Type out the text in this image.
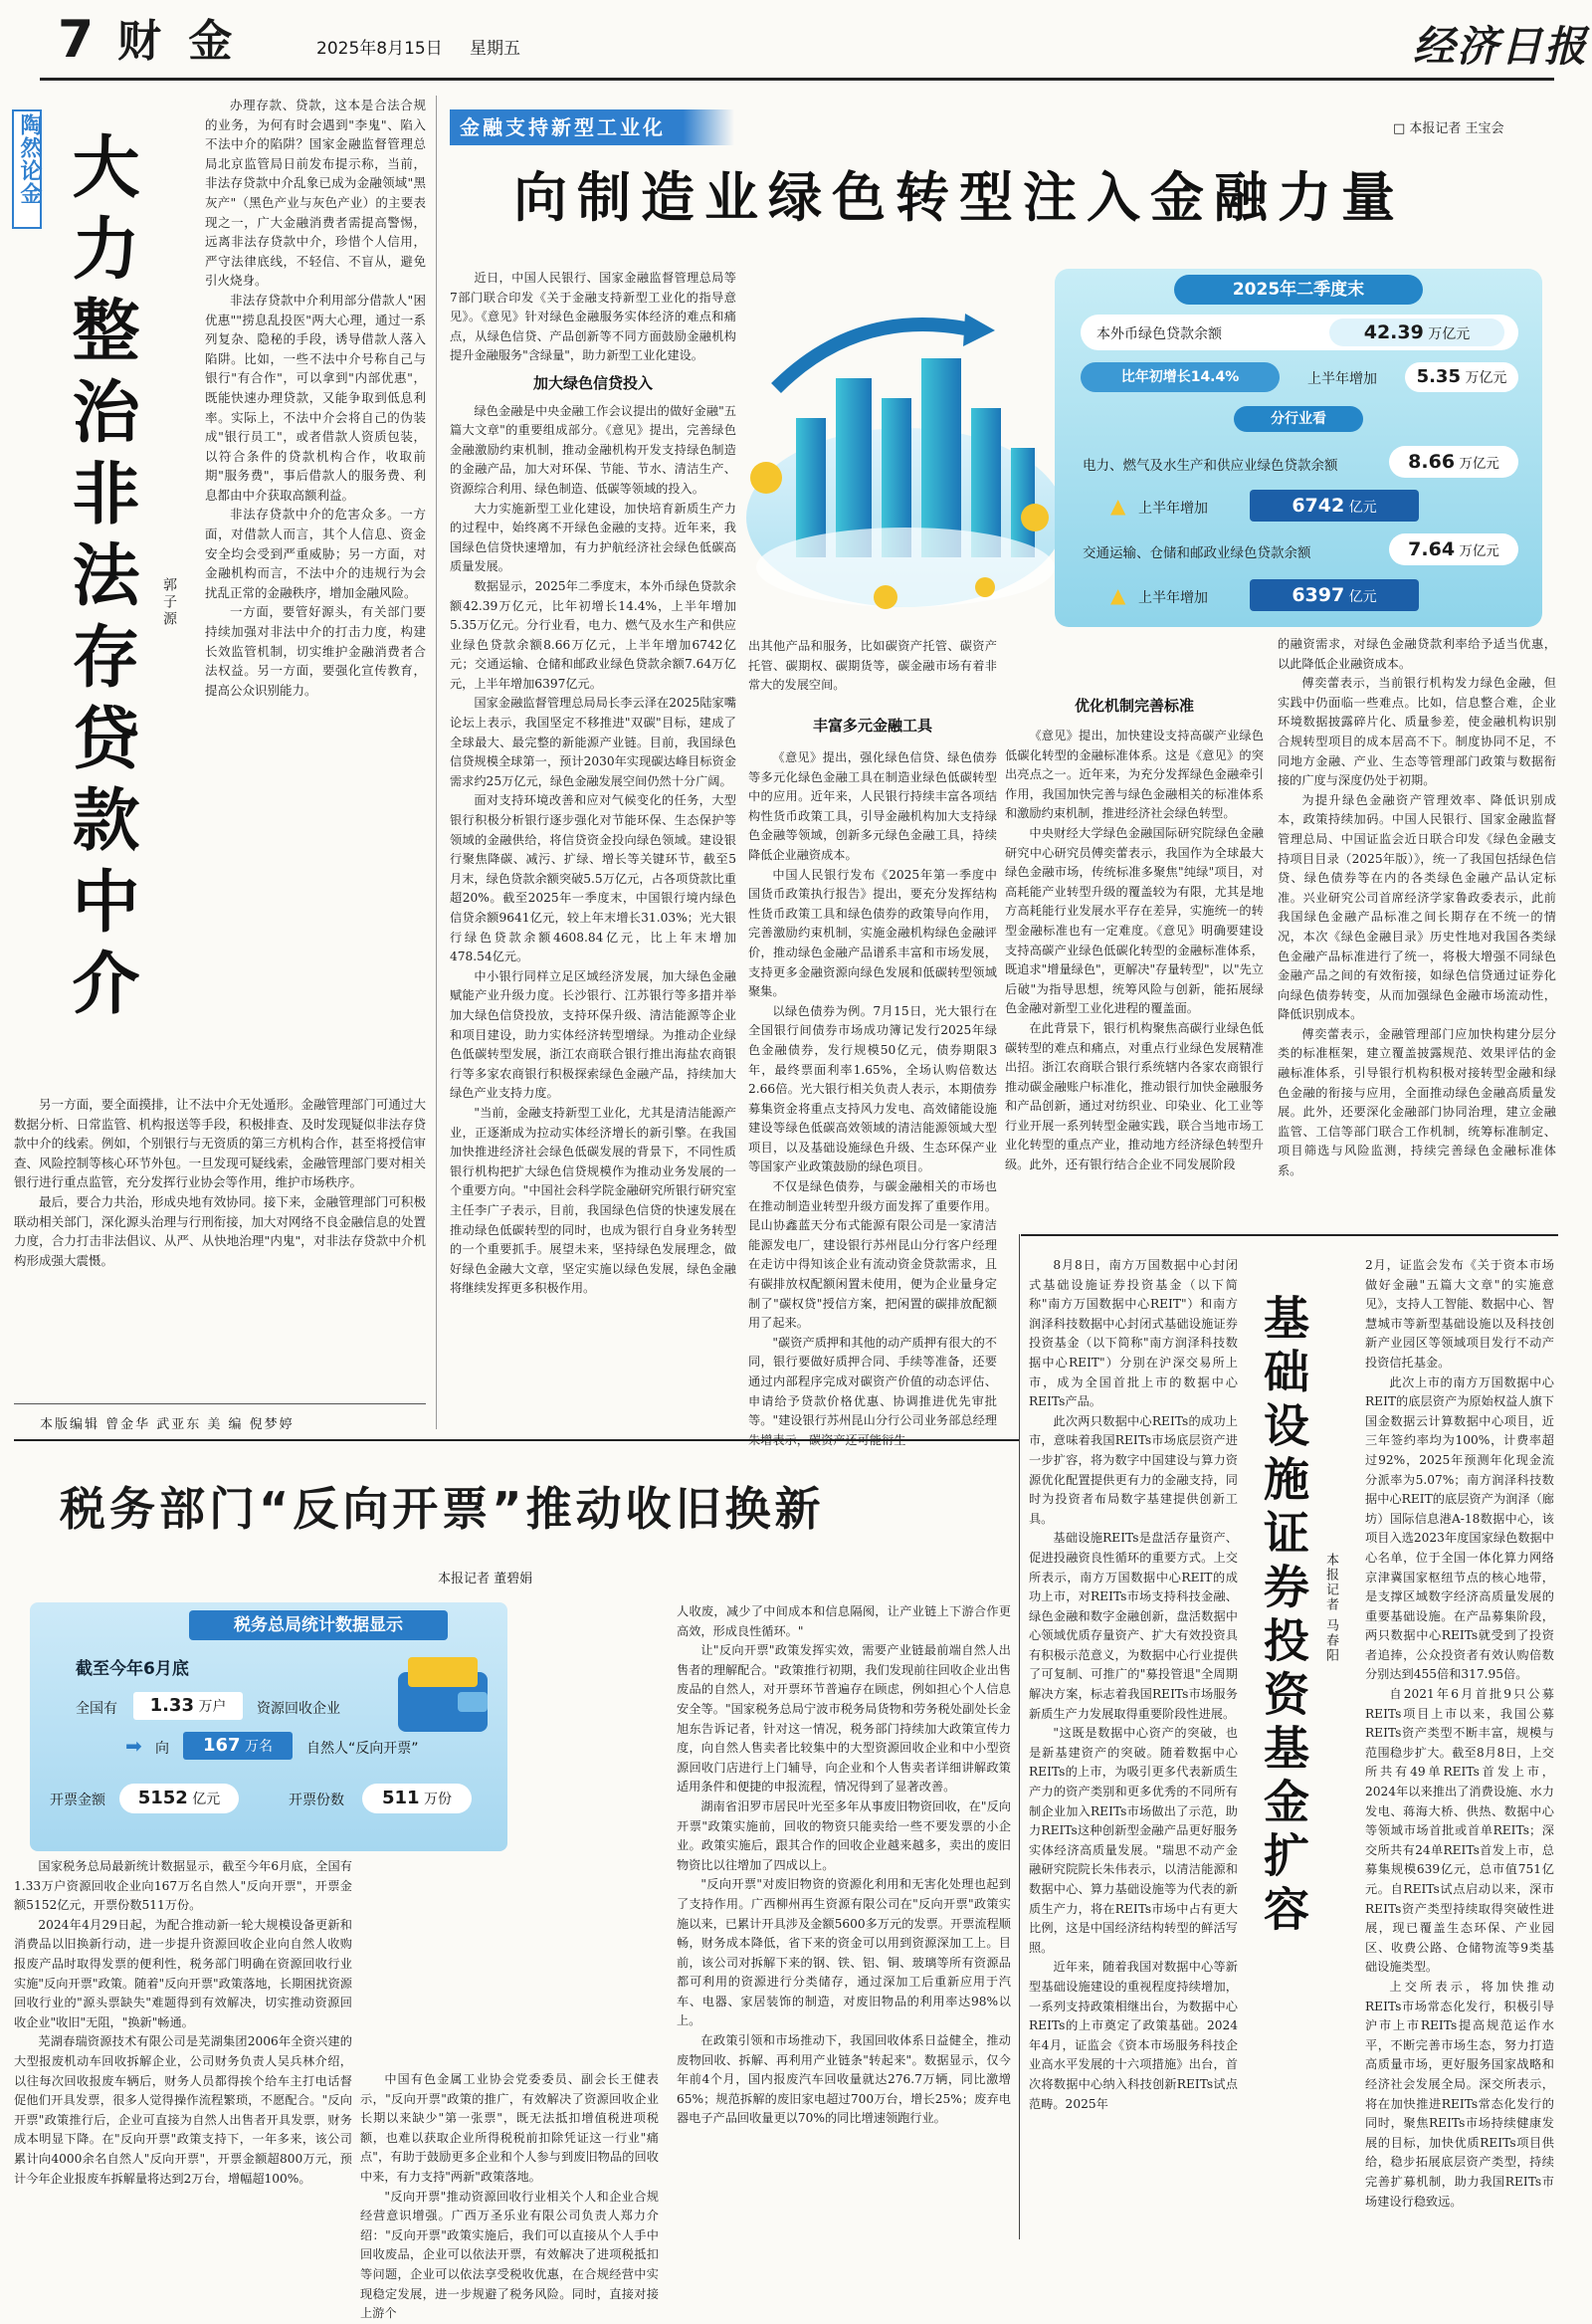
7 财 金	2025年8月15日 星期五	经济日报
陶然论金 大力整治非法存贷款中介 郭子源

办理存款、贷款，这本是合法合规的业务，为何有时会遇到"李鬼"、陷入不法中介的陷阱？国家金融监督管理总局北京监管局日前发布提示称，当前，非法存贷款中介乱象已成为金融领域"黑灰产"（黑色产业与灰色产业）的主要表现之一，广大金融消费者需提高警惕，远离非法存贷款中介，珍惜个人信用，严守法律底线，不轻信、不盲从，避免引火烧身。

非法存贷款中介利用部分借款人"困优惠""捞息乱投医"两大心理，通过一系列复杂、隐秘的手段，诱导借款人落入陷阱。比如，一些不法中介号称自己与银行"有合作"，可以拿到"内部优惠"，既能快速办理贷款，又能争取到低息利率。实际上，不法中介会将自己的伪装成"银行员工"，或者借款人资质包装，以符合条件的贷款机构合作，收取前期"服务费"，事后借款人的服务费、利息都由中介获取高额利益。

非法存贷款中介的危害众多。一方面，对借款人而言，其个人信息、资金安全均会受到严重威胁；另一方面，对金融机构而言，不法中介的违规行为会扰乱正常的金融秩序，增加金融风险。

一方面，要管好源头，有关部门要持续加强对非法中介的打击力度，构建长效监管机制，切实维护金融消费者合法权益。另一方面，要强化宣传教育，提高公众识别能力。

另一方面，要全面摸排，让不法中介无处遁形。金融管理部门可通过大数据分析、日常监管、机构报送等手段，积极排查、及时发现疑似非法存贷款中介的线索。例如，个别银行与无资质的第三方机构合作，甚至将授信审查、风险控制等核心环节外包。一旦发现可疑线索，金融管理部门要对相关银行进行重点监管，充分发挥行业协会等作用，维护市场秩序。

最后，要合力共治，形成央地有效协同。接下来，金融管理部门可积极联动相关部门，深化源头治理与行刑衔接，加大对网络不良金融信息的处置力度，合力打击非法倡议、从严、从快地治理"内鬼"，对非法存贷款中介机构形成强大震慑。

本版编辑 曾金华 武亚东 美 编 倪梦婷
金融支持新型工业化	□ 本报记者 王宝会
向制造业绿色转型注入金融力量

近日，中国人民银行、国家金融监督管理总局等7部门联合印发《关于金融支持新型工业化的指导意见》。《意见》针对绿色金融服务实体经济的难点和痛点，从绿色信贷、产品创新等不同方面鼓励金融机构提升金融服务"含绿量"，助力新型工业化建设。

加大绿色信贷投入

绿色金融是中央金融工作会议提出的做好金融"五篇大文章"的重要组成部分。《意见》提出，完善绿色金融激励约束机制，推动金融机构开发支持绿色制造的金融产品，加大对环保、节能、节水、清洁生产、资源综合利用、绿色制造、低碳等领域的投入。

大力实施新型工业化建设，加快培育新质生产力的过程中，始终离不开绿色金融的支持。近年来，我国绿色信贷快速增加，有力护航经济社会绿色低碳高质量发展。

数据显示，2025年二季度末，本外币绿色贷款余额42.39万亿元，比年初增长14.4%，上半年增加5.35万亿元。分行业看，电力、燃气及水生产和供应业绿色贷款余额8.66万亿元，上半年增加6742亿元；交通运输、仓储和邮政业绿色贷款余额7.64万亿元，上半年增加6397亿元。

国家金融监督管理总局局长李云泽在2025陆家嘴论坛上表示，我国坚定不移推进"双碳"目标，建成了全球最大、最完整的新能源产业链。目前，我国绿色信贷规模全球第一，预计2030年实现碳达峰目标资金需求约25万亿元，绿色金融发展空间仍然十分广阔。

面对支持环境改善和应对气候变化的任务，大型银行积极分析银行逐步强化对节能环保、生态保护等领域的金融供给，将信贷资金投向绿色领域。建设银行聚焦降碳、减污、扩绿、增长等关键环节，截至5月末，绿色贷款余额突破5.5万亿元，占各项贷款比重超20%。截至2025年一季度末，中国银行境内绿色信贷余额9641亿元，较上年末增长31.03%；光大银行绿色贷款余额4608.84亿元，比上年末增加478.54亿元。

中小银行同样立足区域经济发展，加大绿色金融赋能产业升级力度。长沙银行、江苏银行等多措并举加大绿色信贷投放，支持环保升级、清洁能源等企业和项目建设，助力实体经济转型增绿。为推动企业绿色低碳转型发展，浙江农商联合银行推出海盐农商银行等多家农商银行积极探索绿色金融产品，持续加大绿色产业支持力度。

"当前，金融支持新型工业化，尤其是清洁能源产业，正逐渐成为拉动实体经济增长的新引擎。在我国加快推进经济社会绿色低碳发展的背景下，不同性质银行机构把扩大绿色信贷规模作为推动业务发展的一个重要方向。"中国社会科学院金融研究所银行研究室主任李广子表示，目前，我国绿色信贷的快速发展在推动绿色低碳转型的同时，也成为银行自身业务转型的一个重要抓手。展望未来，坚持绿色发展理念，做好绿色金融大文章，坚定实施以绿色发展，绿色金融将继续发挥更多积极作用。

2025年二季度末
本外币绿色贷款余额	42.39 万亿元
比年初增长14.4%	上半年增加	5.35 万亿元
分行业看
电力、燃气及水生产和供应业绿色贷款余额	8.66 万亿元
▲ 上半年增加	6742 亿元
交通运输、仓储和邮政业绿色贷款余额	7.64 万亿元
▲ 上半年增加	6397 亿元

出其他产品和服务，比如碳资产托管、碳资产托管、碳期权、碳期货等，碳金融市场有着非常大的发展空间。

丰富多元金融工具

《意见》提出，强化绿色信贷、绿色债券等多元化绿色金融工具在制造业绿色低碳转型中的应用。近年来，人民银行持续丰富各项结构性货币政策工具，引导金融机构加大支持绿色金融等领域，创新多元绿色金融工具，持续降低企业融资成本。

中国人民银行发布《2025年第一季度中国货币政策执行报告》提出，要充分发挥结构性货币政策工具和绿色债券的政策导向作用，完善激励约束机制，实施金融机构绿色金融评价，推动绿色金融产品谱系丰富和市场发展，支持更多金融资源向绿色发展和低碳转型领域聚集。

以绿色债券为例。7月15日，光大银行在全国银行间债券市场成功簿记发行2025年绿色金融债券，发行规模50亿元，债券期限3年，最终票面利率1.65%，全场认购倍数达2.66倍。光大银行相关负责人表示，本期债券募集资金将重点支持风力发电、高效储能设施建设等绿色低碳高效领域的清洁能源领域大型项目，以及基础设施绿色升级、生态环保产业等国家产业政策鼓励的绿色项目。

不仅是绿色债券，与碳金融相关的市场也在推动制造业转型升级方面发挥了重要作用。昆山协鑫蓝天分布式能源有限公司是一家清洁能源发电厂，建设银行苏州昆山分行客户经理在走访中得知该企业有流动资金贷款需求，且有碳排放权配额闲置未使用，便为企业量身定制了"碳权贷"授信方案，把闲置的碳排放配额用了起来。

"碳资产质押和其他的动产质押有很大的不同，银行要做好质押合同、手续等准备，还要通过内部程序完成对碳资产价值的动态评估、申请给予贷款价格优惠、协调推进优先审批等。"建设银行苏州昆山分行公司业务部总经理

优化机制完善标准

《意见》提出，加快建设支持高碳产业绿色低碳化转型的金融标准体系。这是《意见》的突出亮点之一。近年来，为充分发挥绿色金融牵引作用，我国加快完善与绿色金融相关的标准体系和激励约束机制，推进经济社会绿色转型。

中央财经大学绿色金融国际研究院绿色金融研究中心研究员傅奕蕾表示，我国作为全球最大绿色金融市场，传统标准多聚焦"纯绿"项目，对高耗能产业转型升级的覆盖较为有限，尤其是地方高耗能行业发展水平存在差异，实施统一的转型金融标准也有一定难度。《意见》明确要建设支持高碳产业绿色低碳化转型的金融标准体系，既追求"增量绿色"，更解决"存量转型"，以"先立后破"为指导思想，统筹风险与创新，能拓展绿色金融对新型工业化进程的覆盖面。

在此背景下，银行机构聚焦高碳行业绿色低碳转型的难点和痛点，对重点行业绿色发展精准出招。浙江农商联合银行系统辖内各家农商银行推动碳金融账户标准化，推动银行加快金融服务和产品创新，通过对纺织业、印染业、化工业等行业开展一系列转型金融实践，联合当地市场工业化转型的重点产业，推动地方经济绿色转型升级。此外，还有银行结合企业不同发展阶段

的融资需求，对绿色金融贷款利率给予适当优惠，以此降低企业融资成本。

傅奕蕾表示，当前银行机构发力绿色金融，但实践中仍面临一些难点。比如，信息整合难，企业环境数据披露碎片化、质量参差，使金融机构识别合规转型项目的成本居高不下。制度协同不足，不同地方金融、产业、生态等管理部门政策与数据衔接的广度与深度仍处于初期。

为提升绿色金融资产管理效率、降低识别成本，政策持续加码。中国人民银行、国家金融监督管理总局、中国证监会近日联合印发《绿色金融支持项目目录（2025年版）》，统一了我国包括绿色信贷、绿色债券等在内的各类绿色金融产品认定标准。兴业研究公司首席经济学家鲁政委表示，此前我国绿色金融产品标准之间长期存在不统一的情况，本次《绿色金融目录》历史性地对我国各类绿色金融产品标准进行了统一，将极大增强不同绿色金融产品之间的有效衔接，如绿色信贷通过证券化向绿色债券转变，从而加强绿色金融市场流动性，降低识别成本。

傅奕蕾表示，金融管理部门应加快构建分层分类的标准框架，建立覆盖披露规范、效果评估的金融标准体系，引导银行机构积极对接转型金融和绿色金融的衔接与应用，全面推动绿色金融高质量发展。此外，还要深化金融部门协同治理，建立金融监管、工信等部门联合工作机制，统筹标准制定、项目筛选与风险监测，持续完善绿色金融标准体系。

税务部门“反向开票”推动收旧换新
本报记者 董碧娟
税务总局统计数据显示
截至今年6月底
全国有	1.33 万户	资源回收企业
➡ 向	167 万名	自然人“反向开票”
开票金额	5152 亿元	开票份数	511 万份

国家税务总局最新统计数据显示，截至今年6月底，全国有1.33万户资源回收企业向167万名自然人"反向开票"，开票金额5152亿元，开票份数511万份。

2024年4月29日起，为配合推动新一轮大规模设备更新和消费品以旧换新行动，进一步提升资源回收企业向自然人收购报废产品时取得发票的便利性，税务部门明确在资源回收行业实施"反向开票"政策。随着"反向开票"政策落地，长期困扰资源回收行业的"源头票缺失"难题得到有效解决，切实推动资源回收企业"收旧"无阻，"换新"畅通。

芜湖春瑞资源技术有限公司是芜湖集团2006年全资兴建的大型报废机动车回收拆解企业，公司财务负责人吴兵林介绍，以往每次回收报废车辆后，财务人员都得挨个给车主打电话督促他们开具发票，很多人觉得操作流程繁琐，不愿配合。"反向开票"政策推行后，企业可直接为自然人出售者开具发票，财务成本明显下降。在"反向开票"政策支持下，一年多来，该公司累计向4000余名自然人"反向开票"，开票金额超800万元，预计今年企业报废车拆解量将达到2万台，增幅超100%。

中国有色金属工业协会党委委员、副会长王健表示，"反向开票"政策的推广，有效解决了资源回收企业长期以来缺少"第一张票"，既无法抵扣增值税进项税额，也难以获取企业所得税税前扣除凭证这一行业"痛点"，有助于鼓励更多企业和个人参与到废旧物品的回收中来，有力支持"两新"政策落地。

"反向开票"推动资源回收行业相关个人和企业合规经营意识增强。广西万圣乐业有限公司负责人郑力介绍："反向开票"政策实施后，我们可以直接从个人手中回收废品，企业可以依法开票，有效解决了进项税抵扣等问题，企业可以依法享受税收优惠，在合规经营中实现稳定发展，进一步规避了税务风险。同时，直接对接上游个

人收废，减少了中间成本和信息隔阂，让产业链上下游合作更高效，形成良性循环。"

让"反向开票"政策发挥实效，需要产业链最前端自然人出售者的理解配合。"政策推行初期，我们发现前往回收企业出售废品的自然人，对开票环节普遍存在顾虑，例如担心个人信息安全等。"国家税务总局宁波市税务局货物和劳务税处副处长金旭东告诉记者，针对这一情况，税务部门持续加大政策宣传力度，向自然人售卖者比较集中的大型资源回收企业和中小型资源回收门店进行上门辅导，向企业和个人售卖者详细讲解政策适用条件和便捷的申报流程，情况得到了显著改善。

湖南省汨罗市居民叶光至多年从事废旧物资回收，在"反向开票"政策实施前，回收的物资只能卖给一些不要发票的小企业。政策实施后，跟其合作的回收企业越来越多，卖出的废旧物资比以往增加了四成以上。

"反向开票"对废旧物资的资源化利用和无害化处理也起到了支持作用。广西柳州再生资源有限公司在"反向开票"政策实施以来，已累计开具涉及金额5600多万元的发票。开票流程顺畅，财务成本降低，省下来的资金可以用到资源深加工上。目前，该公司对拆解下来的钢、铁、铝、铜、玻璃等所有资源品都可利用的资源进行分类储存，通过深加工后重新应用于汽车、电器、家居装饰的制造，对废旧物品的利用率达98%以上。

在政策引领和市场推动下，我国回收体系日益健全，推动废物回收、拆解、再利用产业链条"转起来"。数据显示，仅今年前4个月，国内报废汽车回收量就达276.7万辆，同比激增65%；规范拆解的废旧家电超过700万台，增长25%；废弃电器电子产品回收量更以70%的同比增速领跑行业。

8月8日，南方万国数据中心封闭式基础设施证券投资基金（以下简称"南方万国数据中心REIT"）和南方润泽科技数据中心封闭式基础设施证券投资基金（以下简称"南方润泽科技数据中心REIT"）分别在沪深交易所上市，成为全国首批上市的数据中心REITs产品。

此次两只数据中心REITs的成功上市，意味着我国REITs市场底层资产进一步扩容，将为数字中国建设与算力资源优化配置提供更有力的金融支持，同时为投资者布局数字基建提供创新工具。

基础设施REITs是盘活存量资产、促进投融资良性循环的重要方式。上交所表示，南方万国数据中心REIT的成功上市，对REITs市场支持科技金融、绿色金融和数字金融创新，盘活数据中心领域优质存量资产、扩大有效投资具有积极示范意义，为数据中心行业提供了可复制、可推广的"募投管退"全周期解决方案，标志着我国REITs市场服务新质生产力发展取得重要阶段性进展。

"这既是数据中心资产的突破，也是新基建资产的突破。随着数据中心REITs的上市，为吸引更多代表新质生产力的资产类别和更多优秀的不同所有制企业加入REITs市场做出了示范，助力REITs这种创新型金融产品更好服务实体经济高质量发展。"瑞思不动产金融研究院院长朱伟表示，以清洁能源和数据中心、算力基础设施等为代表的新质生产力，将在REITs市场中占有更大比例，这是中国经济结构转型的鲜活写照。

近年来，随着我国对数据中心等新型基础设施建设的重视程度持续增加，一系列支持政策相继出台，为数据中心REITs的上市奠定了政策基础。2024年4月，证监会《资本市场服务科技企业高水平发展的十六项措施》出台，首次将数据中心纳入科技创新REITs试点范畴。2025年

基础设施证券投资基金扩容 本报记者 马春阳

2月，证监会发布《关于资本市场做好金融"五篇大文章"的实施意见》，支持人工智能、数据中心、智慧城市等新型基础设施以及科技创新产业园区等领域项目发行不动产投资信托基金。

此次上市的南方万国数据中心REIT的底层资产为原始权益人旗下国金数据云计算数据中心项目，近三年签约率均为100%，计费率超过92%，2025年预测年化现金流分派率为5.07%；南方润泽科技数据中心REIT的底层资产为润泽（廊坊）国际信息港A-18数据中心，该项目入选2023年度国家绿色数据中心名单，位于全国一体化算力网络京津冀国家枢纽节点的核心地带，是支撑区域数字经济高质量发展的重要基础设施。在产品募集阶段，两只数据中心REITs就受到了投资者追捧，公众投资者有效认购倍数分别达到455倍和317.95倍。

自2021年6月首批9只公募REITs项目上市以来，我国公募REITs资产类型不断丰富，规模与范围稳步扩大。截至8月8日，上交所共有49单REITs首发上市，2024年以来推出了消费设施、水力发电、蒋海大桥、供热、数据中心等领域市场首批或首单REITs；深交所共有24单REITs首发上市，总募集规模639亿元，总市值751亿元。自REITs试点启动以来，深市REITs资产类型持续取得突破性进展，现已覆盖生态环保、产业园区、收费公路、仓储物流等9类基础设施类型。

上交所表示，将加快推动REITs市场常态化发行，积极引导沪市上市REITs提高规范运作水平，不断完善市场生态，努力打造高质量市场，更好服务国家战略和经济社会发展全局。深交所表示，将在加快推进REITs常态化发行的同时，聚焦REITs市场持续健康发展的目标，加快优质REITs项目供给，稳步拓展底层资产类型，持续完善扩募机制，助力我国REITs市场建设行稳致远。
